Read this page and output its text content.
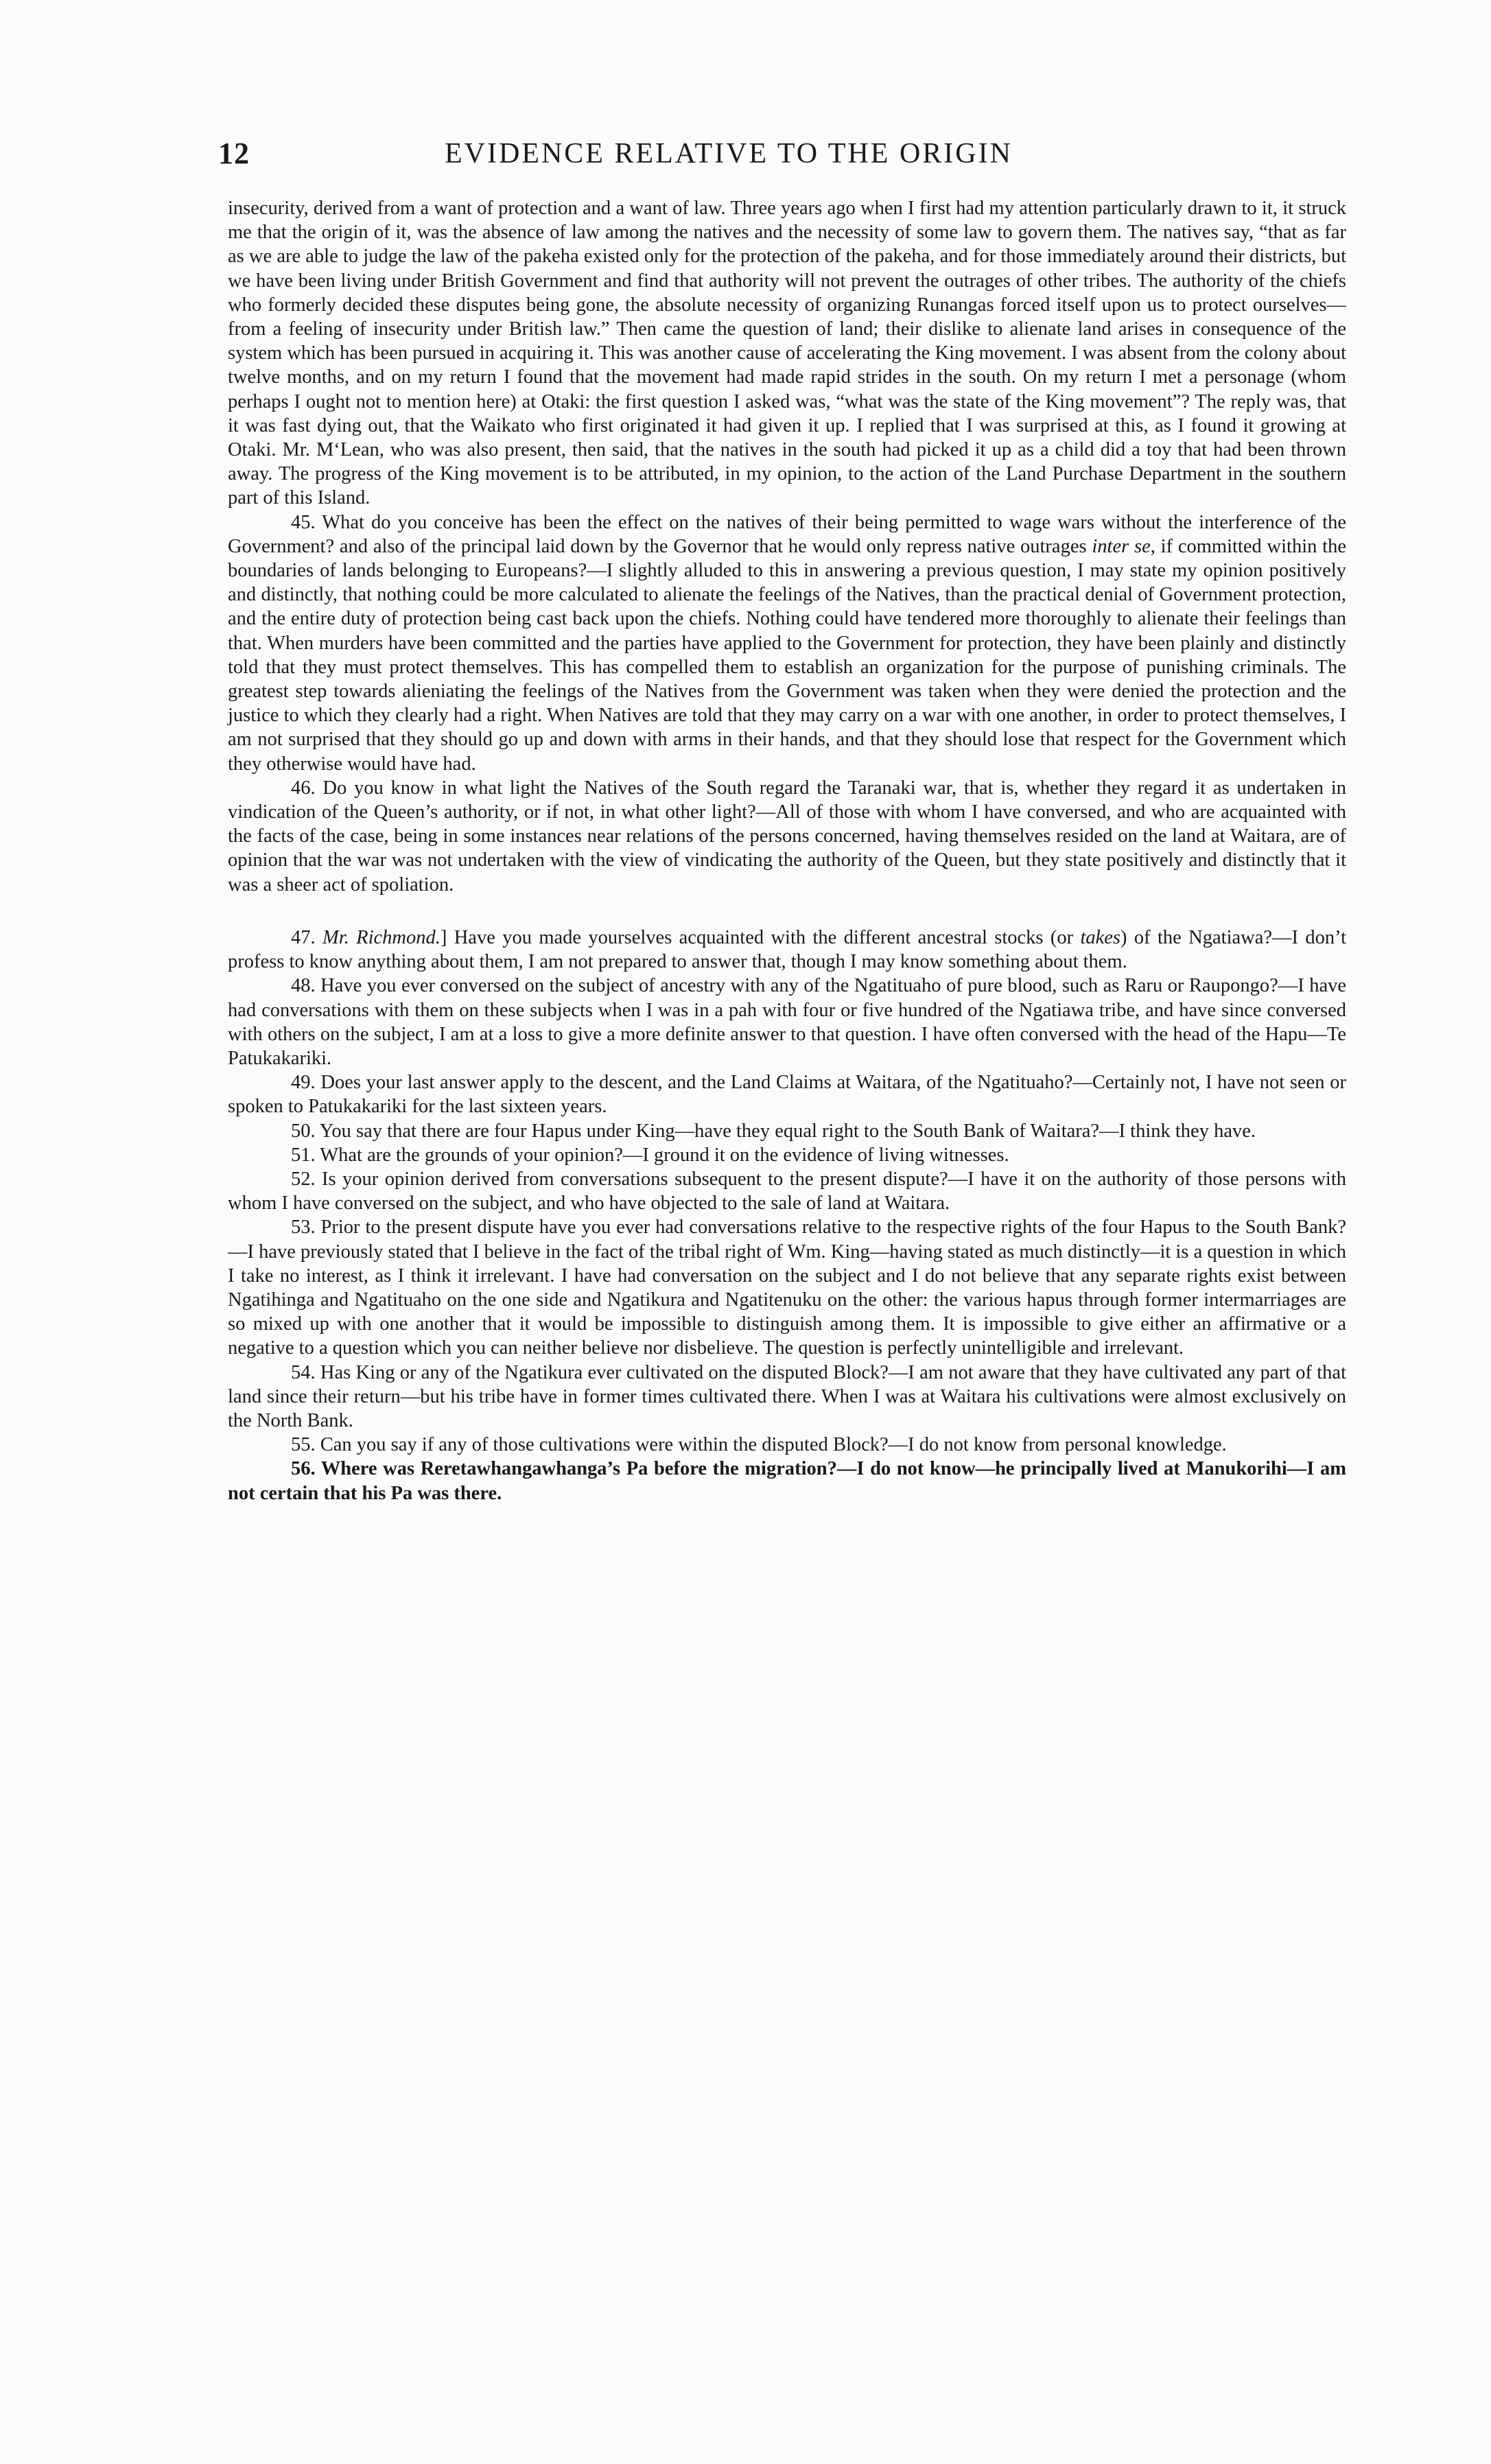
12	EVIDENCE RELATIVE TO THE ORIGIN

insecurity, derived from a want of protection and a want of law. Three years ago when I first had my attention particularly drawn to it, it struck me that the origin of it, was the absence of law among the natives and the necessity of some law to govern them. The natives say, “that as far as we are able to judge the law of the pakeha existed only for the protection of the pakeha, and for those immediately around their districts, but we have been living under British Government and find that authority will not prevent the outrages of other tribes. The authority of the chiefs who formerly decided these disputes being gone, the absolute necessity of organizing Runangas forced itself upon us to protect ourselves—from a feeling of insecurity under British law.” Then came the question of land; their dislike to alienate land arises in consequence of the system which has been pursued in acquiring it. This was another cause of accelerating the King movement. I was absent from the colony about twelve months, and on my return I found that the movement had made rapid strides in the south. On my return I met a personage (whom perhaps I ought not to mention here) at Otaki: the first question I asked was, “what was the state of the King movement”? The reply was, that it was fast dying out, that the Waikato who first originated it had given it up. I replied that I was surprised at this, as I found it growing at Otaki. Mr. M‘Lean, who was also present, then said, that the natives in the south had picked it up as a child did a toy that had been thrown away. The progress of the King movement is to be attributed, in my opinion, to the action of the Land Purchase Department in the southern part of this Island.

45. What do you conceive has been the effect on the natives of their being permitted to wage wars without the interference of the Government? and also of the principal laid down by the Governor that he would only repress native outrages inter se, if committed within the boundaries of lands belonging to Europeans?—I slightly alluded to this in answering a previous question, I may state my opinion positively and distinctly, that nothing could be more calculated to alienate the feelings of the Natives, than the practical denial of Government protection, and the entire duty of protection being cast back upon the chiefs. Nothing could have tendered more thoroughly to alienate their feelings than that. When murders have been committed and the parties have applied to the Government for protection, they have been plainly and distinctly told that they must protect themselves. This has compelled them to establish an organization for the purpose of punishing criminals. The greatest step towards alieniating the feelings of the Natives from the Government was taken when they were denied the protection and the justice to which they clearly had a right. When Natives are told that they may carry on a war with one another, in order to protect themselves, I am not surprised that they should go up and down with arms in their hands, and that they should lose that respect for the Government which they otherwise would have had.

46. Do you know in what light the Natives of the South regard the Taranaki war, that is, whether they regard it as undertaken in vindication of the Queen’s authority, or if not, in what other light?—All of those with whom I have conversed, and who are acquainted with the facts of the case, being in some instances near relations of the persons concerned, having themselves resided on the land at Waitara, are of opinion that the war was not undertaken with the view of vindicating the authority of the Queen, but they state positively and distinctly that it was a sheer act of spoliation.

47. Mr. Richmond.] Have you made yourselves acquainted with the different ancestral stocks (or takes) of the Ngatiawa?—I don’t profess to know anything about them, I am not prepared to answer that, though I may know something about them.

48. Have you ever conversed on the subject of ancestry with any of the Ngatituaho of pure blood, such as Raru or Raupongo?—I have had conversations with them on these subjects when I was in a pah with four or five hundred of the Ngatiawa tribe, and have since conversed with others on the subject, I am at a loss to give a more definite answer to that question. I have often conversed with the head of the Hapu—Te Patukakariki.

49. Does your last answer apply to the descent, and the Land Claims at Waitara, of the Ngatituaho?—Certainly not, I have not seen or spoken to Patukakariki for the last sixteen years.

50. You say that there are four Hapus under King—have they equal right to the South Bank of Waitara?—I think they have.

51. What are the grounds of your opinion?—I ground it on the evidence of living witnesses.

52. Is your opinion derived from conversations subsequent to the present dispute?—I have it on the authority of those persons with whom I have conversed on the subject, and who have objected to the sale of land at Waitara.

53. Prior to the present dispute have you ever had conversations relative to the respective rights of the four Hapus to the South Bank?—I have previously stated that I believe in the fact of the tribal right of Wm. King—having stated as much distinctly—it is a question in which I take no interest, as I think it irrelevant. I have had conversation on the subject and I do not believe that any separate rights exist between Ngatihinga and Ngatituaho on the one side and Ngatikura and Ngatitenuku on the other: the various hapus through former intermarriages are so mixed up with one another that it would be impossible to distinguish among them. It is impossible to give either an affirmative or a negative to a question which you can neither believe nor disbelieve. The question is perfectly unintelligible and irrelevant.

54. Has King or any of the Ngatikura ever cultivated on the disputed Block?—I am not aware that they have cultivated any part of that land since their return—but his tribe have in former times cultivated there. When I was at Waitara his cultivations were almost exclusively on the North Bank.

55. Can you say if any of those cultivations were within the disputed Block?—I do not know from personal knowledge.

56. Where was Reretawhangawhanga’s Pa before the migration?—I do not know—he principally lived at Manukorihi—I am not certain that his Pa was there.
